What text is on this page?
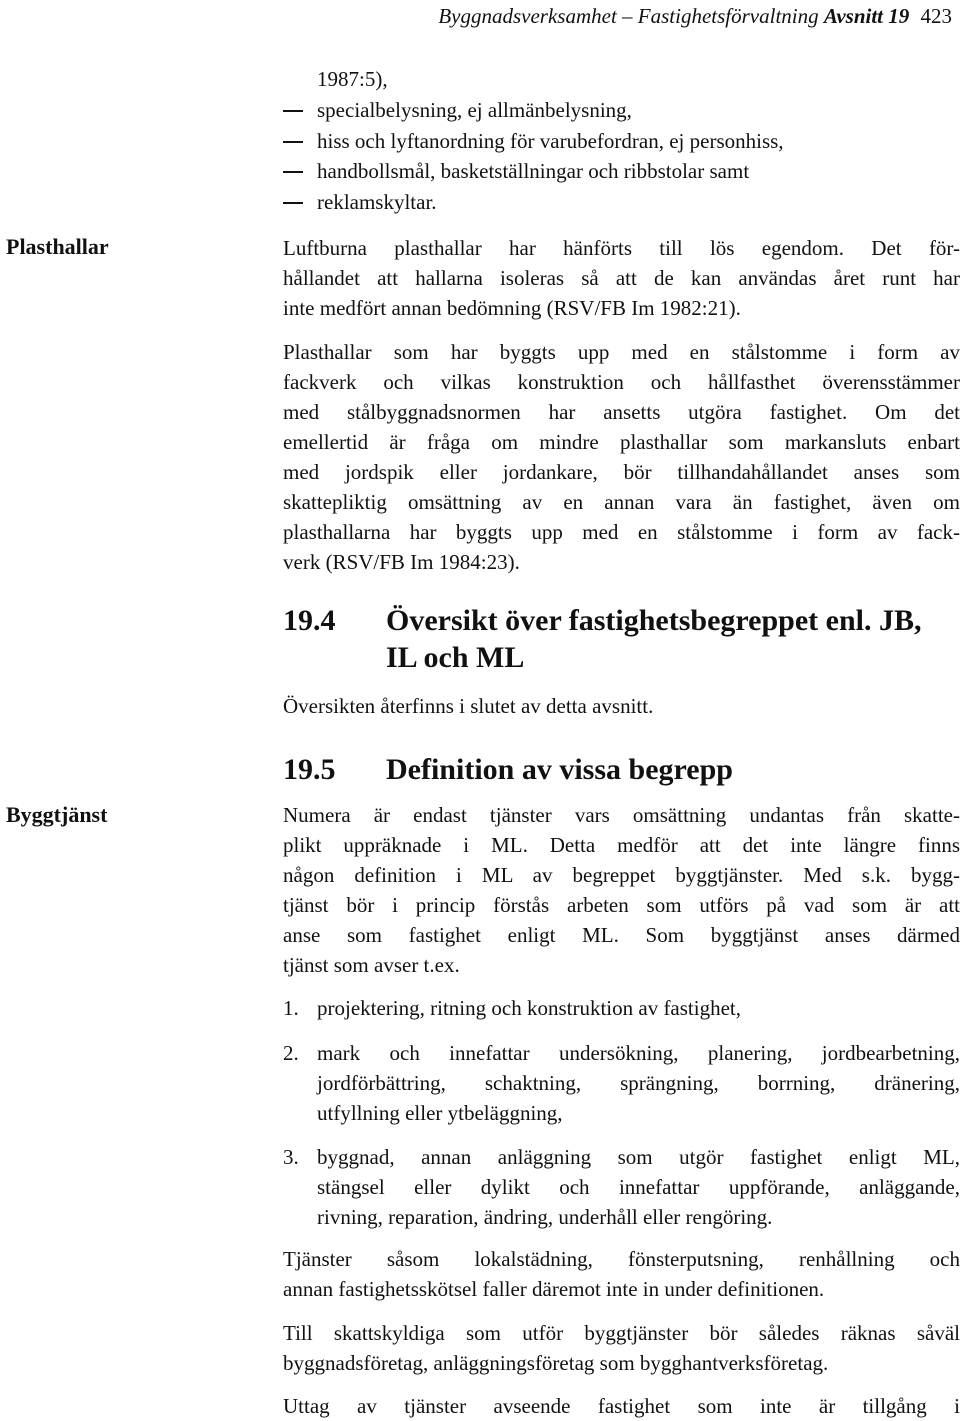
Byggnadsverksamhet – Fastighetsförvaltning Avsnitt 19 423
1987:5),
specialbelysning, ej allmänbelysning,
hiss och lyftanordning för varubefordran, ej personhiss,
handbollsmål, basketställningar och ribbstolar samt
reklamskyltar.
Plasthallar	Luftburna plasthallar har hänförts till lös egendom. Det för-
hållandet att hallarna isoleras så att de kan användas året runt har
inte medfört annan bedömning (RSV/FB Im 1982:21).
Plasthallar som har byggts upp med en stålstomme i form av
fackverk och vilkas konstruktion och hållfasthet överensstämmer
med stålbyggnadsnormen har ansetts utgöra fastighet. Om det
emellertid är fråga om mindre plasthallar som markansluts enbart
med jordspik eller jordankare, bör tillhandahållandet anses som
skattepliktig omsättning av en annan vara än fastighet, även om
plasthallarna har byggts upp med en stålstomme i form av fack-
verk (RSV/FB Im 1984:23).
19.4 Översikt över fastighetsbegreppet enl. JB,
IL och ML
Översikten återfinns i slutet av detta avsnitt.
19.5 Definition av vissa begrepp
Byggtjänst	Numera är endast tjänster vars omsättning undantas från skatte-
plikt uppräknade i ML. Detta medför att det inte längre finns
någon definition i ML av begreppet byggtjänster. Med s.k. bygg-
tjänst bör i princip förstås arbeten som utförs på vad som är att
anse som fastighet enligt ML. Som byggtjänst anses därmed
tjänst som avser t.ex.
1. projektering, ritning och konstruktion av fastighet,
2. mark och innefattar undersökning, planering, jordbearbetning,
jordförbättring, schaktning, sprängning, borrning, dränering,
utfyllning eller ytbeläggning,
3. byggnad, annan anläggning som utgör fastighet enligt ML,
stängsel eller dylikt och innefattar uppförande, anläggande,
rivning, reparation, ändring, underhåll eller rengöring.
Tjänster såsom lokalstädning, fönsterputsning, renhållning och
annan fastighetsskötsel faller däremot inte in under definitionen.
Till skattskyldiga som utför byggtjänster bör således räknas såväl
byggnadsföretag, anläggningsföretag som bygghantverksföretag.
Uttag av tjänster avseende fastighet som inte är tillgång i
